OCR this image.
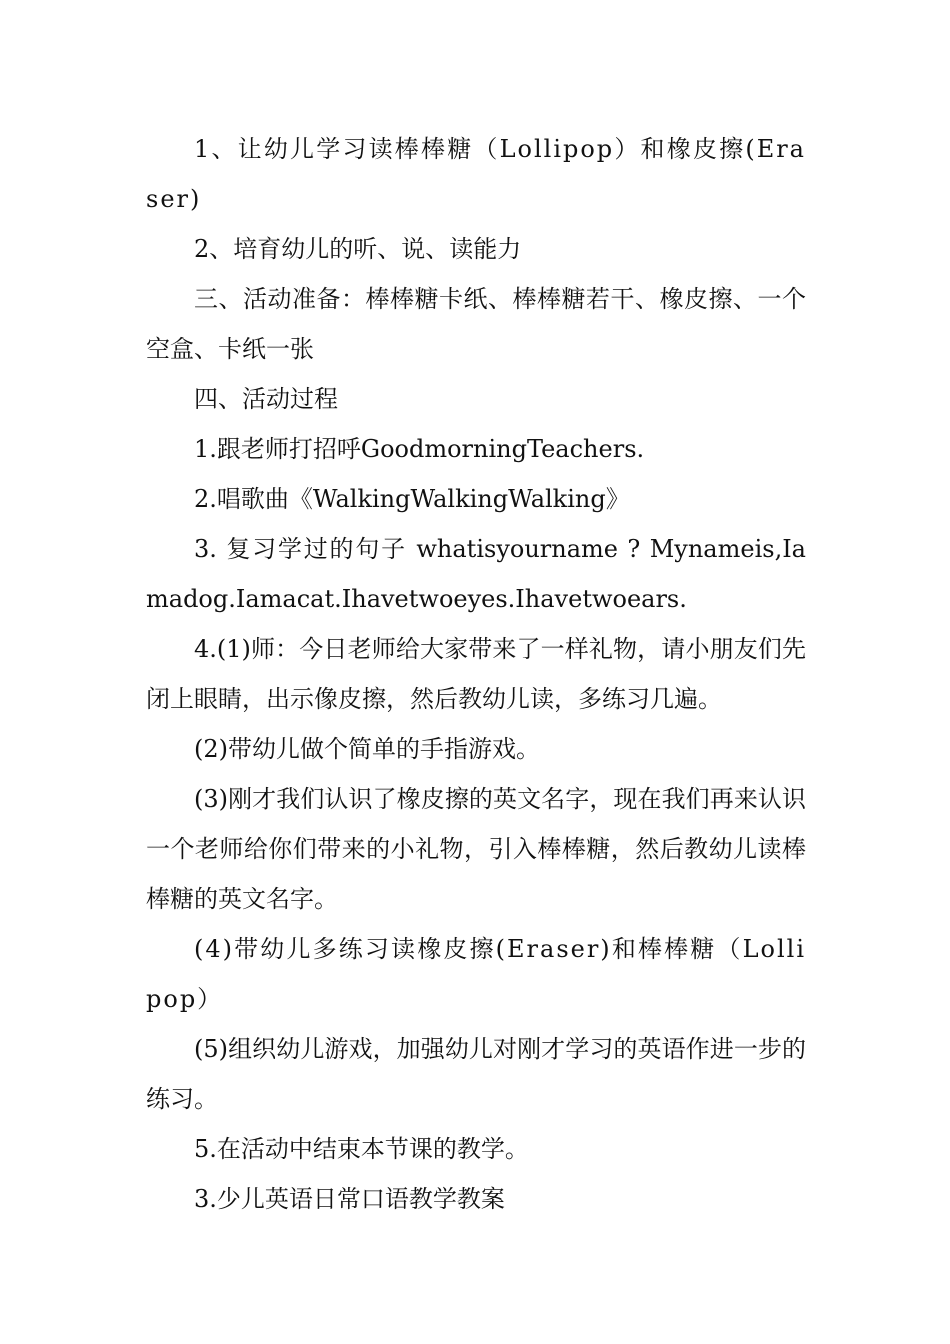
1、让幼儿学习读棒棒糖（Lollipop）和橡皮擦(Eraser)

2、培育幼儿的听、说、读能力

三、活动准备：棒棒糖卡纸、棒棒糖若干、橡皮擦、一个空盒、卡纸一张

四、活动过程

1.跟老师打招呼GoodmorningTeachers.

2.唱歌曲《WalkingWalkingWalking》

3. 复习学过的句子 whatisyourname ? Mynameis,Iamadog.Iamacat.Ihavetwoeyes.Ihavetwoears.

4.(1)师：今日老师给大家带来了一样礼物，请小朋友们先闭上眼睛，出示像皮擦，然后教幼儿读，多练习几遍。

(2)带幼儿做个简单的手指游戏。

(3)刚才我们认识了橡皮擦的英文名字，现在我们再来认识一个老师给你们带来的小礼物，引入棒棒糖，然后教幼儿读棒棒糖的英文名字。

(4)带幼儿多练习读橡皮擦(Eraser)和棒棒糖（Lollipop）

(5)组织幼儿游戏，加强幼儿对刚才学习的英语作进一步的练习。

5.在活动中结束本节课的教学。

3.少儿英语日常口语教学教案
